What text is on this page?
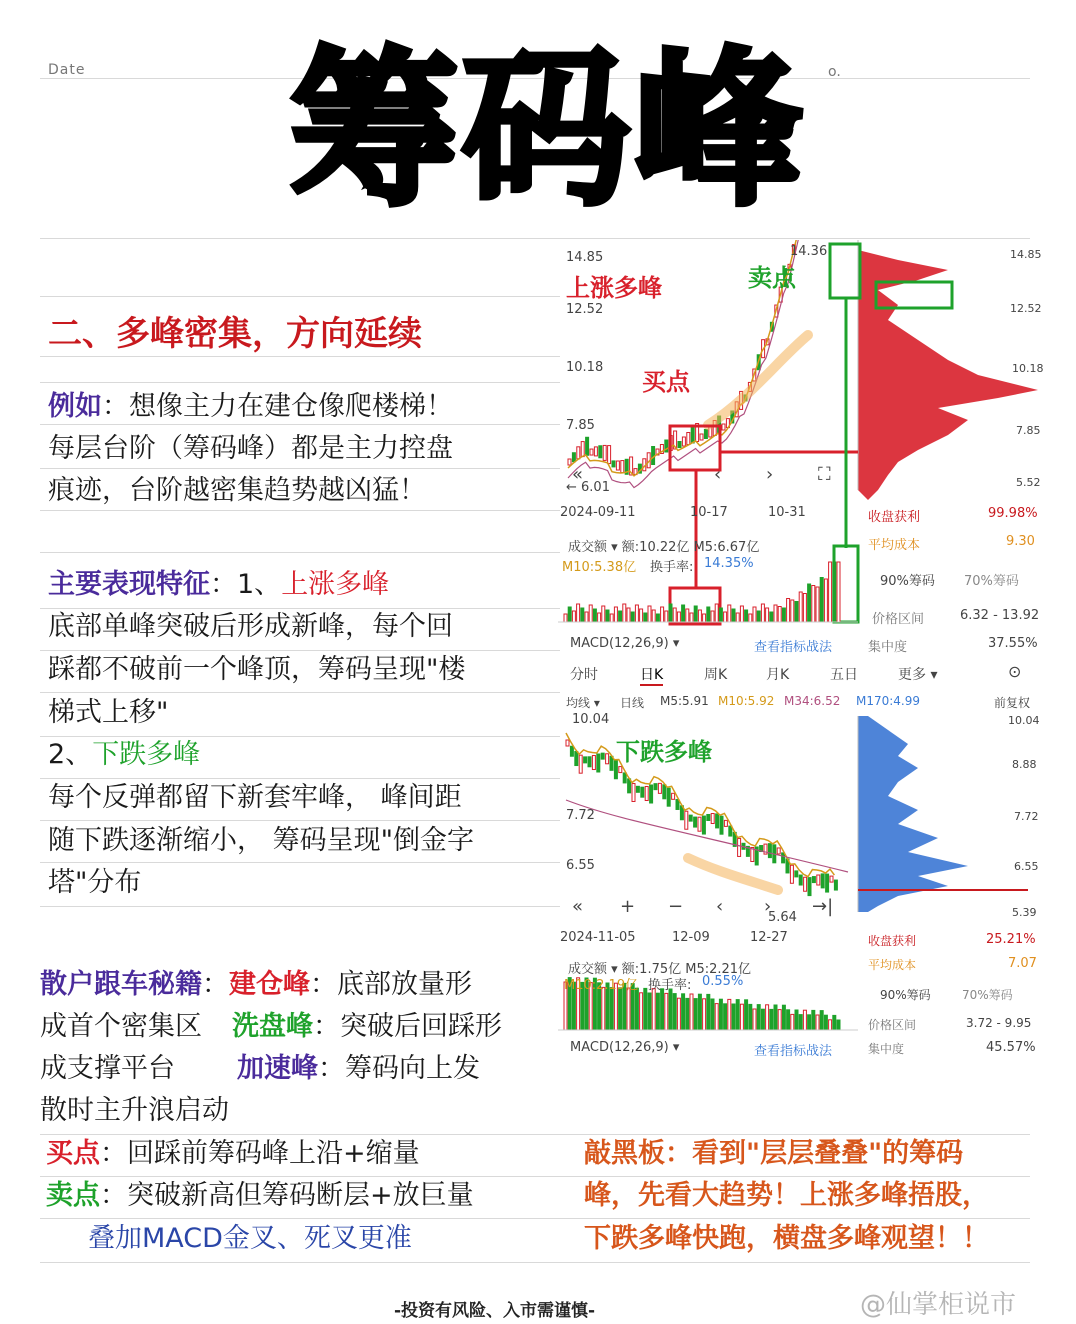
Date	o.
筹码峰
二、多峰密集，方向延续
例如：想像主力在建仓像爬楼梯！
每层台阶（筹码峰）都是主力控盘
痕迹，台阶越密集趋势越凶猛！
主要表现特征：1、上涨多峰
底部单峰突破后形成新峰，每个回
踩都不破前一个峰顶，筹码呈现"楼
梯式上移"
2、下跌多峰
每个反弹都留下新套牢峰， 峰间距
随下跌逐渐缩小， 筹码呈现"倒金字
塔"分布
散户跟车秘籍：建仓峰：底部放量形
成首个密集区 洗盘峰：突破后回踩形
成支撑平台 加速峰：筹码向上发
散时主升浪启动
买点：回踩前筹码峰上沿+缩量
卖点：突破新高但筹码断层+放巨量
叠加MACD金叉、死叉更准
敲黑板：看到"层层叠叠"的筹码
峰，先看大趋势！上涨多峰捂股，
下跌多峰快跑，横盘多峰观望！！
«	‹ › ⛶
« + − ‹ › →|
上涨多峰	卖点
买点
14.85
12.52
10.18
7.85
14.36
← 6.01
14.85
12.52
10.18
7.85
5.52
2024-09-11	10-17	10-31	收盘获利	99.98%
平均成本	9.30
90%筹码 70%筹码
价格区间	6.32 - 13.92
集中度	37.55%
成交额 ▾ 额:10.22亿 M5:6.67亿
M10:5.38亿 换手率: 14.35%
MACD(12,26,9) ▾	查看指标战法
分时	日K	周K	月K	五日	更多 ▾	⊙
均线 ▾ 日线 M5:5.91 M10:5.92 M34:6.52 M170:4.99	前复权
下跌多峰
10.04
7.72
6.55
5.64
10.04
8.88
7.72
6.55
5.39
2024-11-05	12-09	12-27	收盘获利	25.21%
平均成本	7.07
90%筹码	70%筹码
价格区间	3.72 - 9.95
集中度	45.57%
成交额 ▾ 额:1.75亿 M5:2.21亿
M10:2.19亿 换手率: 0.55%
MACD(12,26,9) ▾	查看指标战法
-投资有风险、入市需谨慎-	@仙掌柜说市
